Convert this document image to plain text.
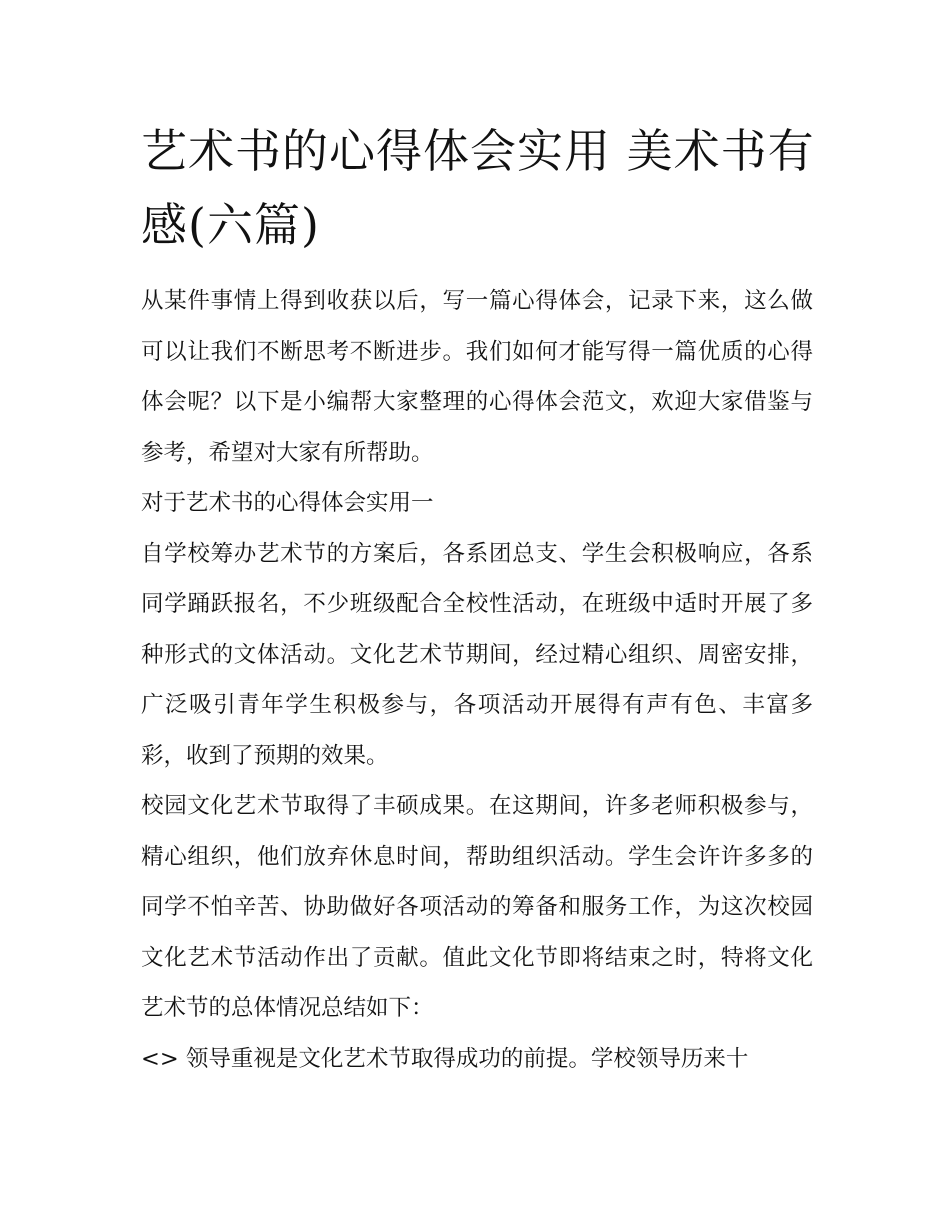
艺术书的心得体会实用 美术书有感(六篇)

从某件事情上得到收获以后，写一篇心得体会，记录下来，这么做可以让我们不断思考不断进步。我们如何才能写得一篇优质的心得体会呢？以下是小编帮大家整理的心得体会范文，欢迎大家借鉴与参考，希望对大家有所帮助。

对于艺术书的心得体会实用一

自学校筹办艺术节的方案后，各系团总支、学生会积极响应，各系同学踊跃报名，不少班级配合全校性活动，在班级中适时开展了多种形式的文体活动。文化艺术节期间，经过精心组织、周密安排，广泛吸引青年学生积极参与，各项活动开展得有声有色、丰富多彩，收到了预期的效果。

校园文化艺术节取得了丰硕成果。在这期间，许多老师积极参与，精心组织，他们放弃休息时间，帮助组织活动。学生会许许多多的同学不怕辛苦、协助做好各项活动的筹备和服务工作，为这次校园文化艺术节活动作出了贡献。值此文化节即将结束之时，特将文化艺术节的总体情况总结如下：

<> 领导重视是文化艺术节取得成功的前提。学校领导历来十
